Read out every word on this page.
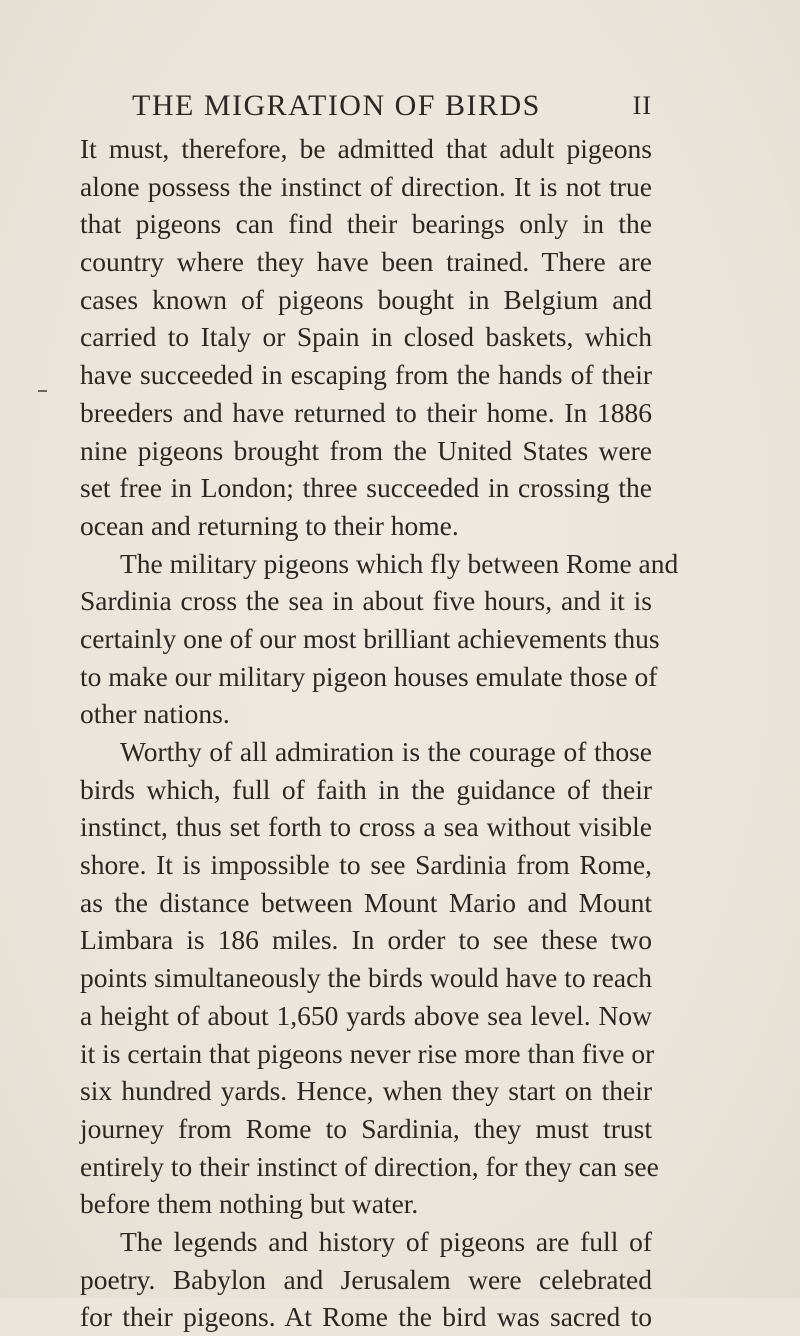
THE MIGRATION OF BIRDS	II
It must, therefore, be admitted that adult pigeons
alone possess the instinct of direction. It is not true
that pigeons can find their bearings only in the
country where they have been trained. There are
cases known of pigeons bought in Belgium and
carried to Italy or Spain in closed baskets, which
have succeeded in escaping from the hands of their
breeders and have returned to their home. In 1886
nine pigeons brought from the United States were
set free in London; three succeeded in crossing the
ocean and returning to their home.
The military pigeons which fly between Rome and
Sardinia cross the sea in about five hours, and it is
certainly one of our most brilliant achievements thus
to make our military pigeon houses emulate those of
other nations.
Worthy of all admiration is the courage of those
birds which, full of faith in the guidance of their
instinct, thus set forth to cross a sea without visible
shore. It is impossible to see Sardinia from Rome,
as the distance between Mount Mario and Mount
Limbara is 186 miles. In order to see these two
points simultaneously the birds would have to reach
a height of about 1,650 yards above sea level. Now
it is certain that pigeons never rise more than five or
six hundred yards. Hence, when they start on their
journey from Rome to Sardinia, they must trust
entirely to their instinct of direction, for they can see
before them nothing but water.
The legends and history of pigeons are full of
poetry. Babylon and Jerusalem were celebrated
for their pigeons. At Rome the bird was sacred to
